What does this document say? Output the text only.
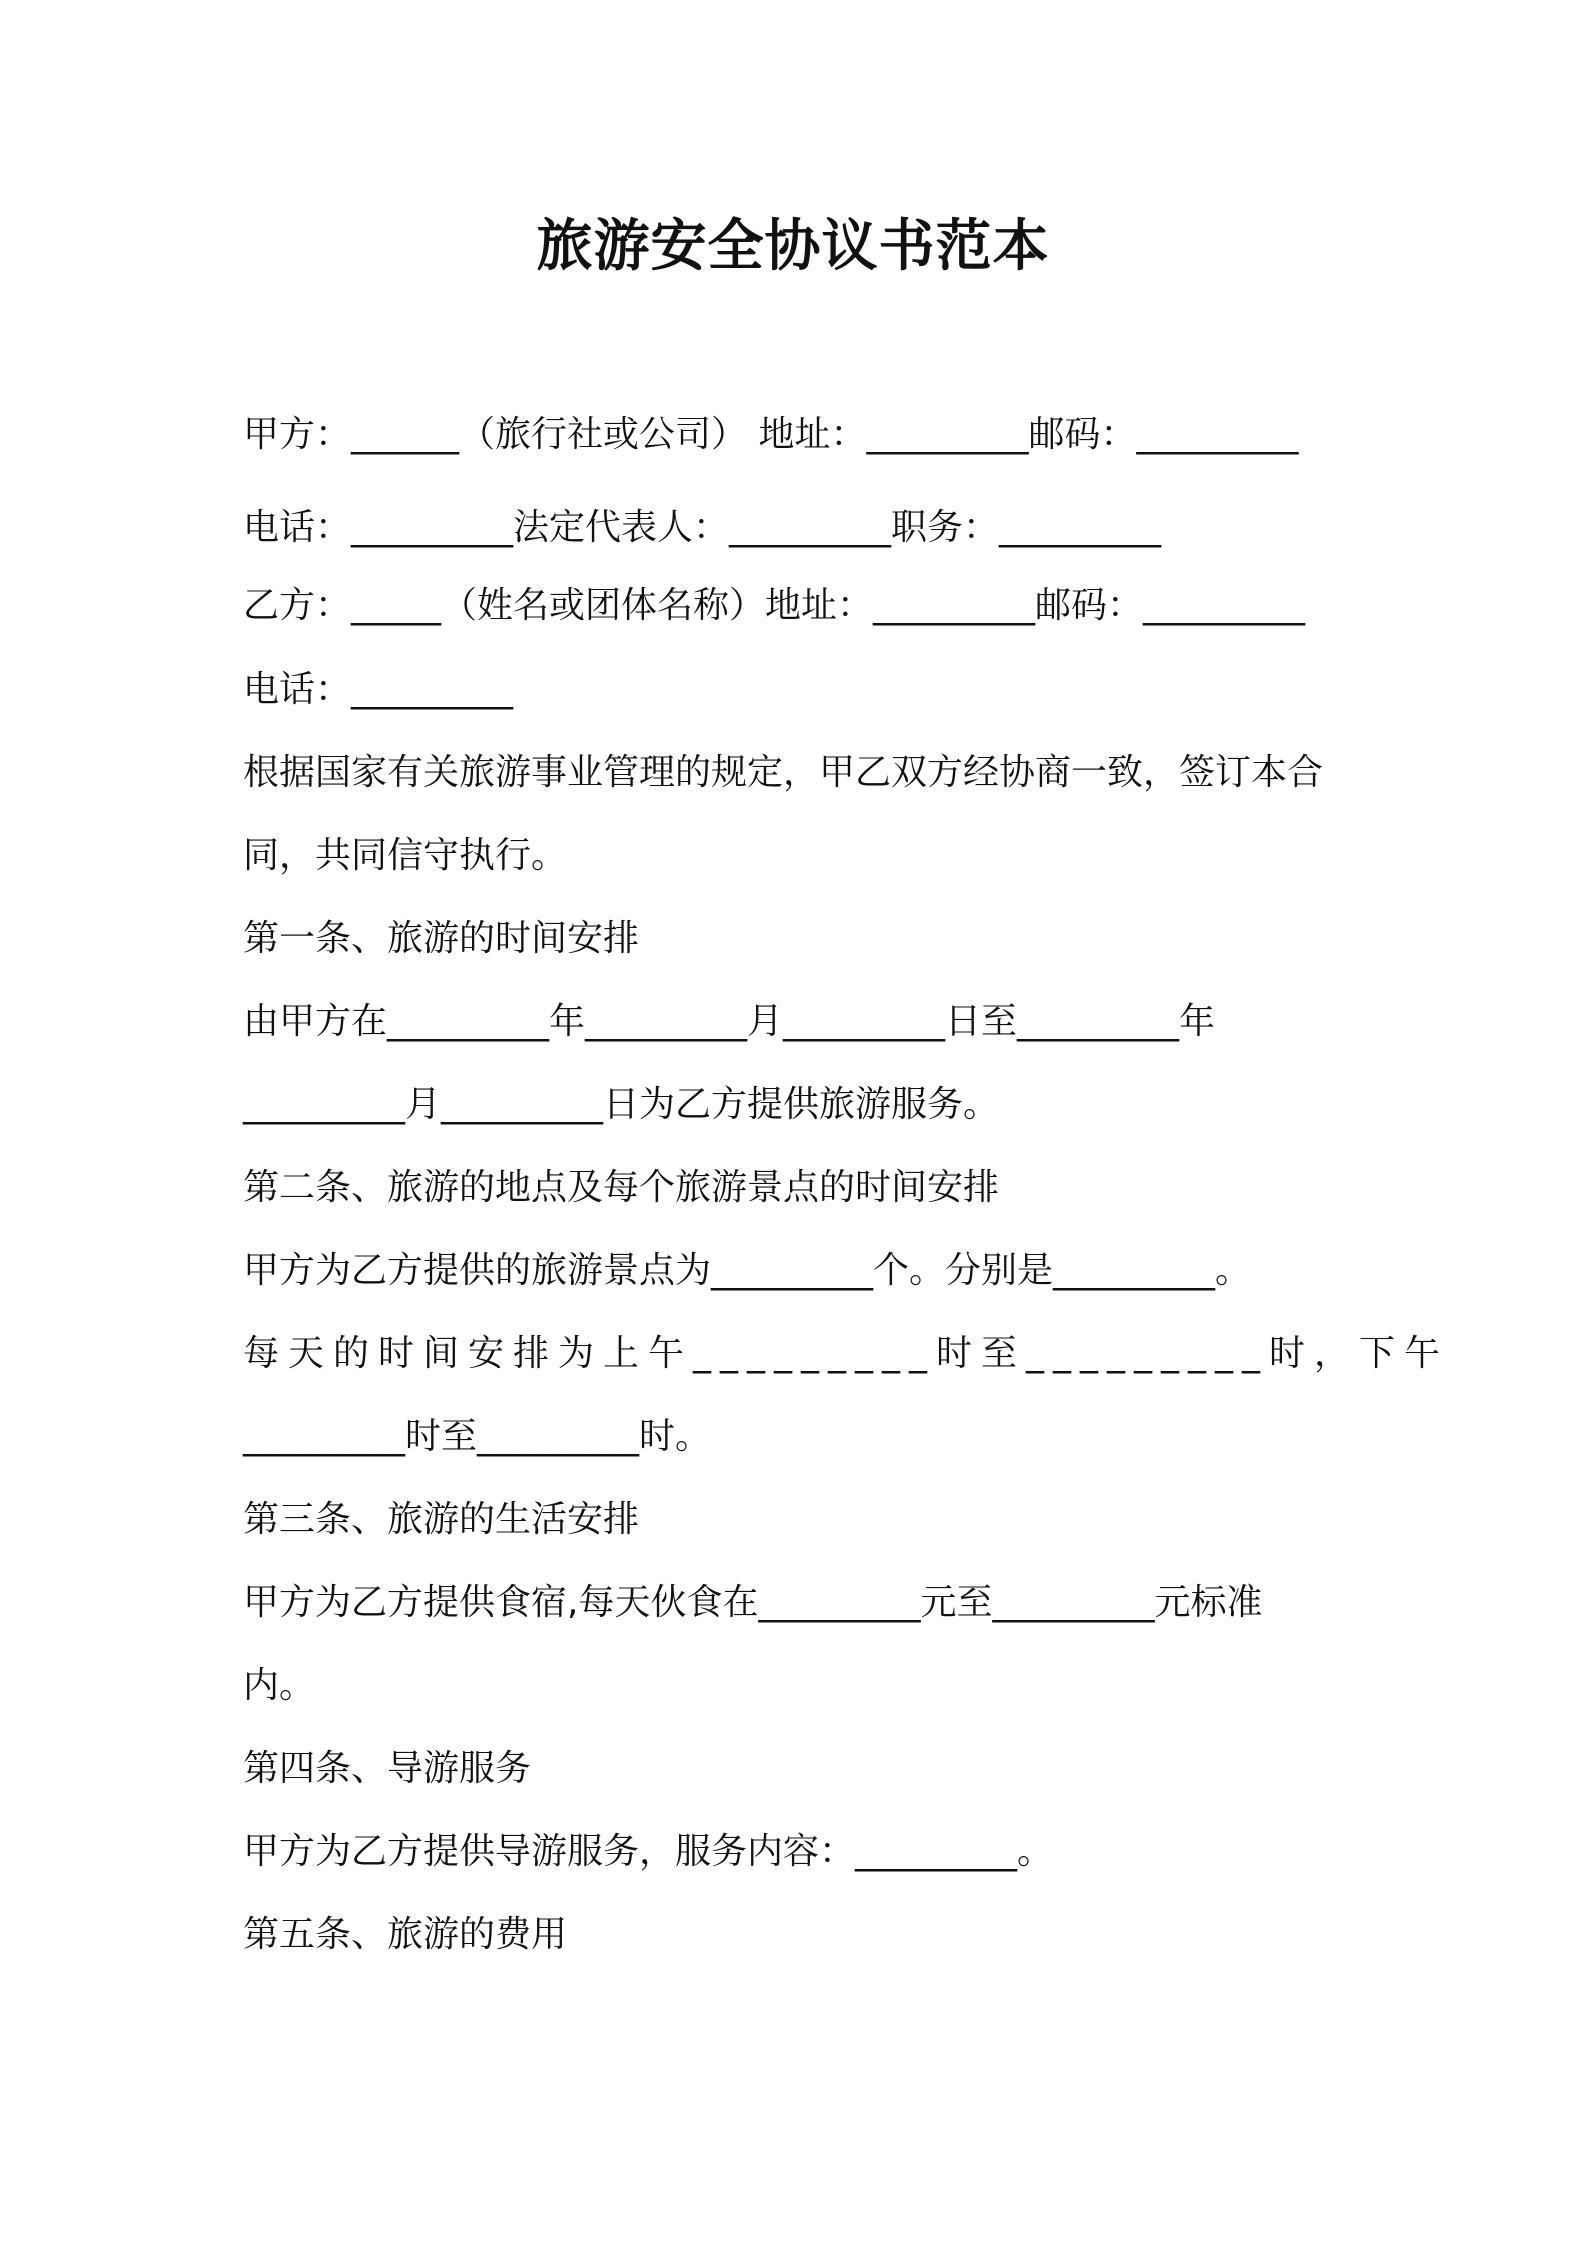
旅游安全协议书范本

甲方：______（旅行社或公司） 地址：_________邮码：_________

电话：_________法定代表人：_________职务：_________

乙方：_____（姓名或团体名称）地址：_________邮码：_________

电话：_________

根据国家有关旅游事业管理的规定，甲乙双方经协商一致，签订本合

同，共同信守执行。

第一条、旅游的时间安排

由甲方在_________年_________月_________日至_________年

_________月_________日为乙方提供旅游服务。

第二条、旅游的地点及每个旅游景点的时间安排

甲方为乙方提供的旅游景点为_________个。分别是_________。

每天的时间安排为上午_________时至_________时，下午

_________时至_________时。

第三条、旅游的生活安排

甲方为乙方提供食宿,每天伙食在_________元至_________元标准

内。

第四条、导游服务

甲方为乙方提供导游服务，服务内容：_________。

第五条、旅游的费用
